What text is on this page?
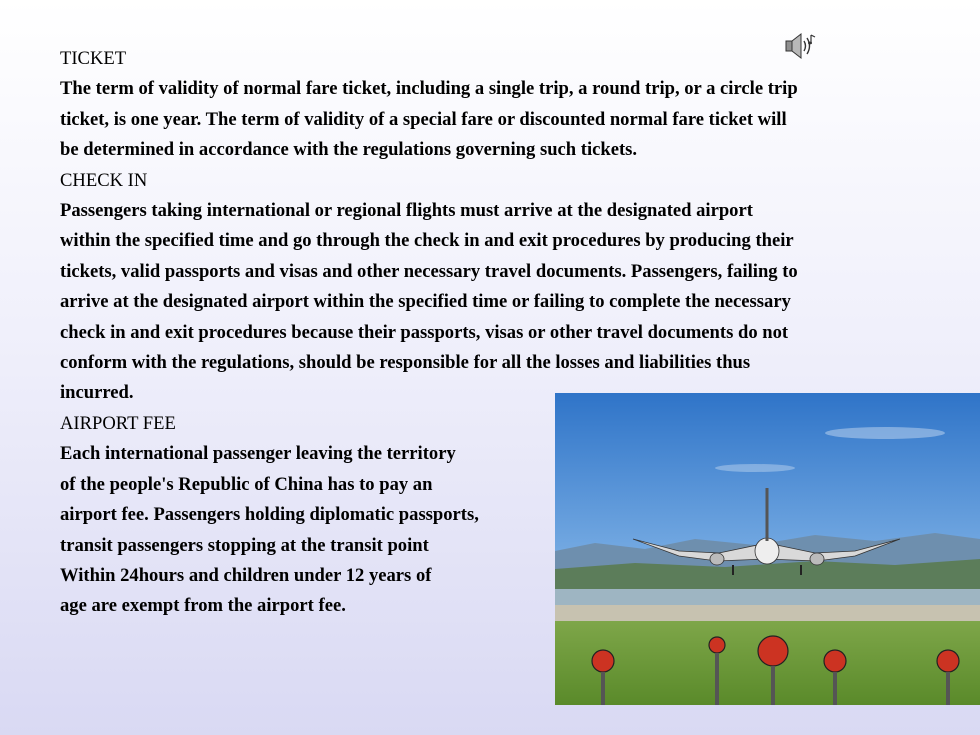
TICKET
The term of validity of normal fare ticket, including a single trip, a round trip, or a circle trip
ticket, is one year. The term of validity of a special fare or discounted normal fare ticket will
be determined in accordance with the regulations governing such tickets.
CHECK IN
Passengers taking international or regional flights must arrive at the designated airport
within the specified time and go through the check in and exit procedures by producing their
tickets, valid passports and visas and other necessary travel documents. Passengers, failing to
arrive at the designated airport within the specified time or failing to complete the necessary
check in and exit procedures because their passports, visas or other travel documents do not
conform with the regulations, should be responsible for all the losses and liabilities thus
incurred.
AIRPORT FEE
Each international passenger leaving the territory
of the people's Republic of China has to pay an
airport fee. Passengers holding diplomatic passports,
transit passengers stopping at the transit point
Within 24hours and children under 12 years of
age are exempt from the airport fee.
